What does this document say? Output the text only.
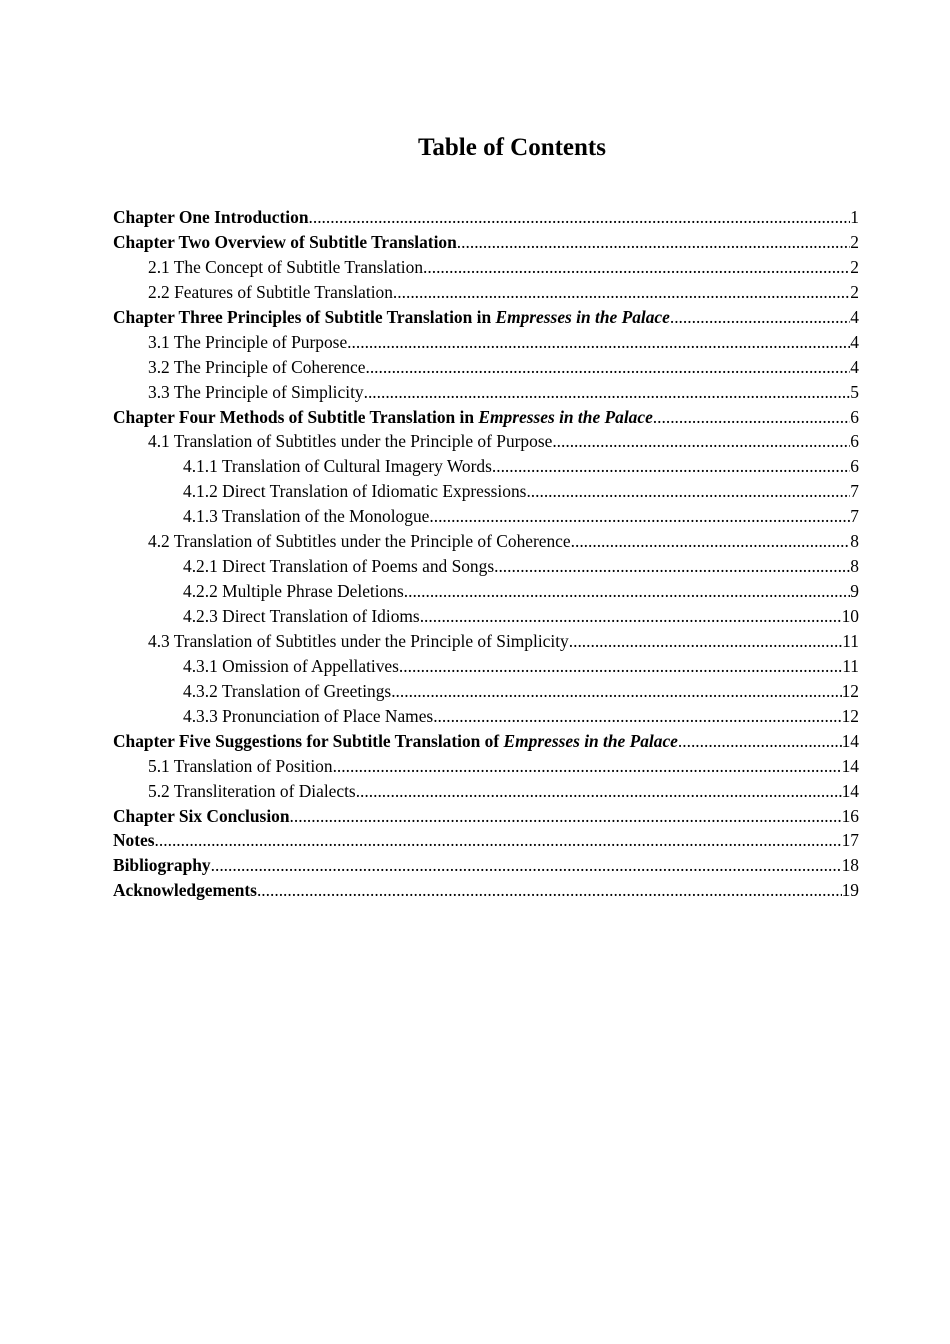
Table of Contents
Chapter One Introduction .....	1
Chapter Two Overview of Subtitle Translation .....	2
2.1 The Concept of Subtitle Translation .....	2
2.2 Features of Subtitle Translation .....	2
Chapter Three Principles of Subtitle Translation in Empresses in the Palace .....	4
3.1 The Principle of Purpose .....	4
3.2 The Principle of Coherence .....	4
3.3 The Principle of Simplicity .....	5
Chapter Four Methods of Subtitle Translation in Empresses in the Palace .....	6
4.1 Translation of Subtitles under the Principle of Purpose .....	6
4.1.1 Translation of Cultural Imagery Words .....	6
4.1.2 Direct Translation of Idiomatic Expressions .....	7
4.1.3 Translation of the Monologue .....	7
4.2 Translation of Subtitles under the Principle of Coherence .....	8
4.2.1 Direct Translation of Poems and Songs .....	8
4.2.2 Multiple Phrase Deletions .....	9
4.2.3 Direct Translation of Idioms .....	10
4.3 Translation of Subtitles under the Principle of Simplicity .....	11
4.3.1 Omission of Appellatives .....	11
4.3.2 Translation of Greetings .....	12
4.3.3 Pronunciation of Place Names .....	12
Chapter Five Suggestions for Subtitle Translation of Empresses in the Palace .....	14
5.1 Translation of Position .....	14
5.2 Transliteration of Dialects .....	14
Chapter Six Conclusion .....	16
Notes .....	17
Bibliography .....	18
Acknowledgements .....	19
